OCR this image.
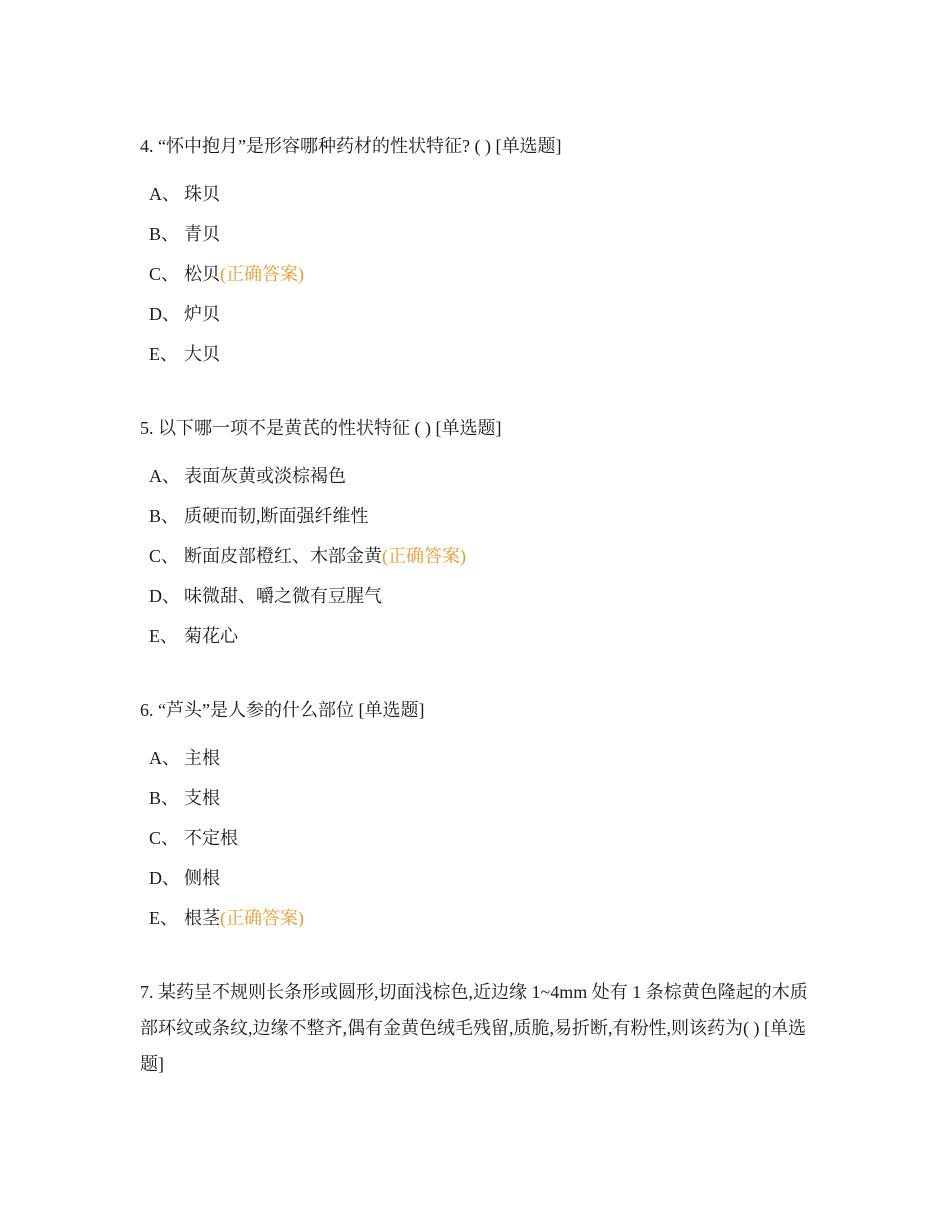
4. “怀中抱月”是形容哪种药材的性状特征? ( ) [单选题]

A、 珠贝
B、 青贝
C、 松贝(正确答案)
D、 炉贝
E、 大贝

5. 以下哪一项不是黄芪的性状特征 ( ) [单选题]

A、 表面灰黄或淡棕褐色
B、 质硬而韧,断面强纤维性
C、 断面皮部橙红、木部金黄(正确答案)
D、 味微甜、嚼之微有豆腥气
E、 菊花心

6. “芦头”是人参的什么部位 [单选题]

A、 主根
B、 支根
C、 不定根
D、 侧根
E、 根茎(正确答案)

7. 某药呈不规则长条形或圆形,切面浅棕色,近边缘 1~4mm 处有 1 条棕黄色隆起的木质部环纹或条纹,边缘不整齐,偶有金黄色绒毛残留,质脆,易折断,有粉性,则该药为( ) [单选题]
